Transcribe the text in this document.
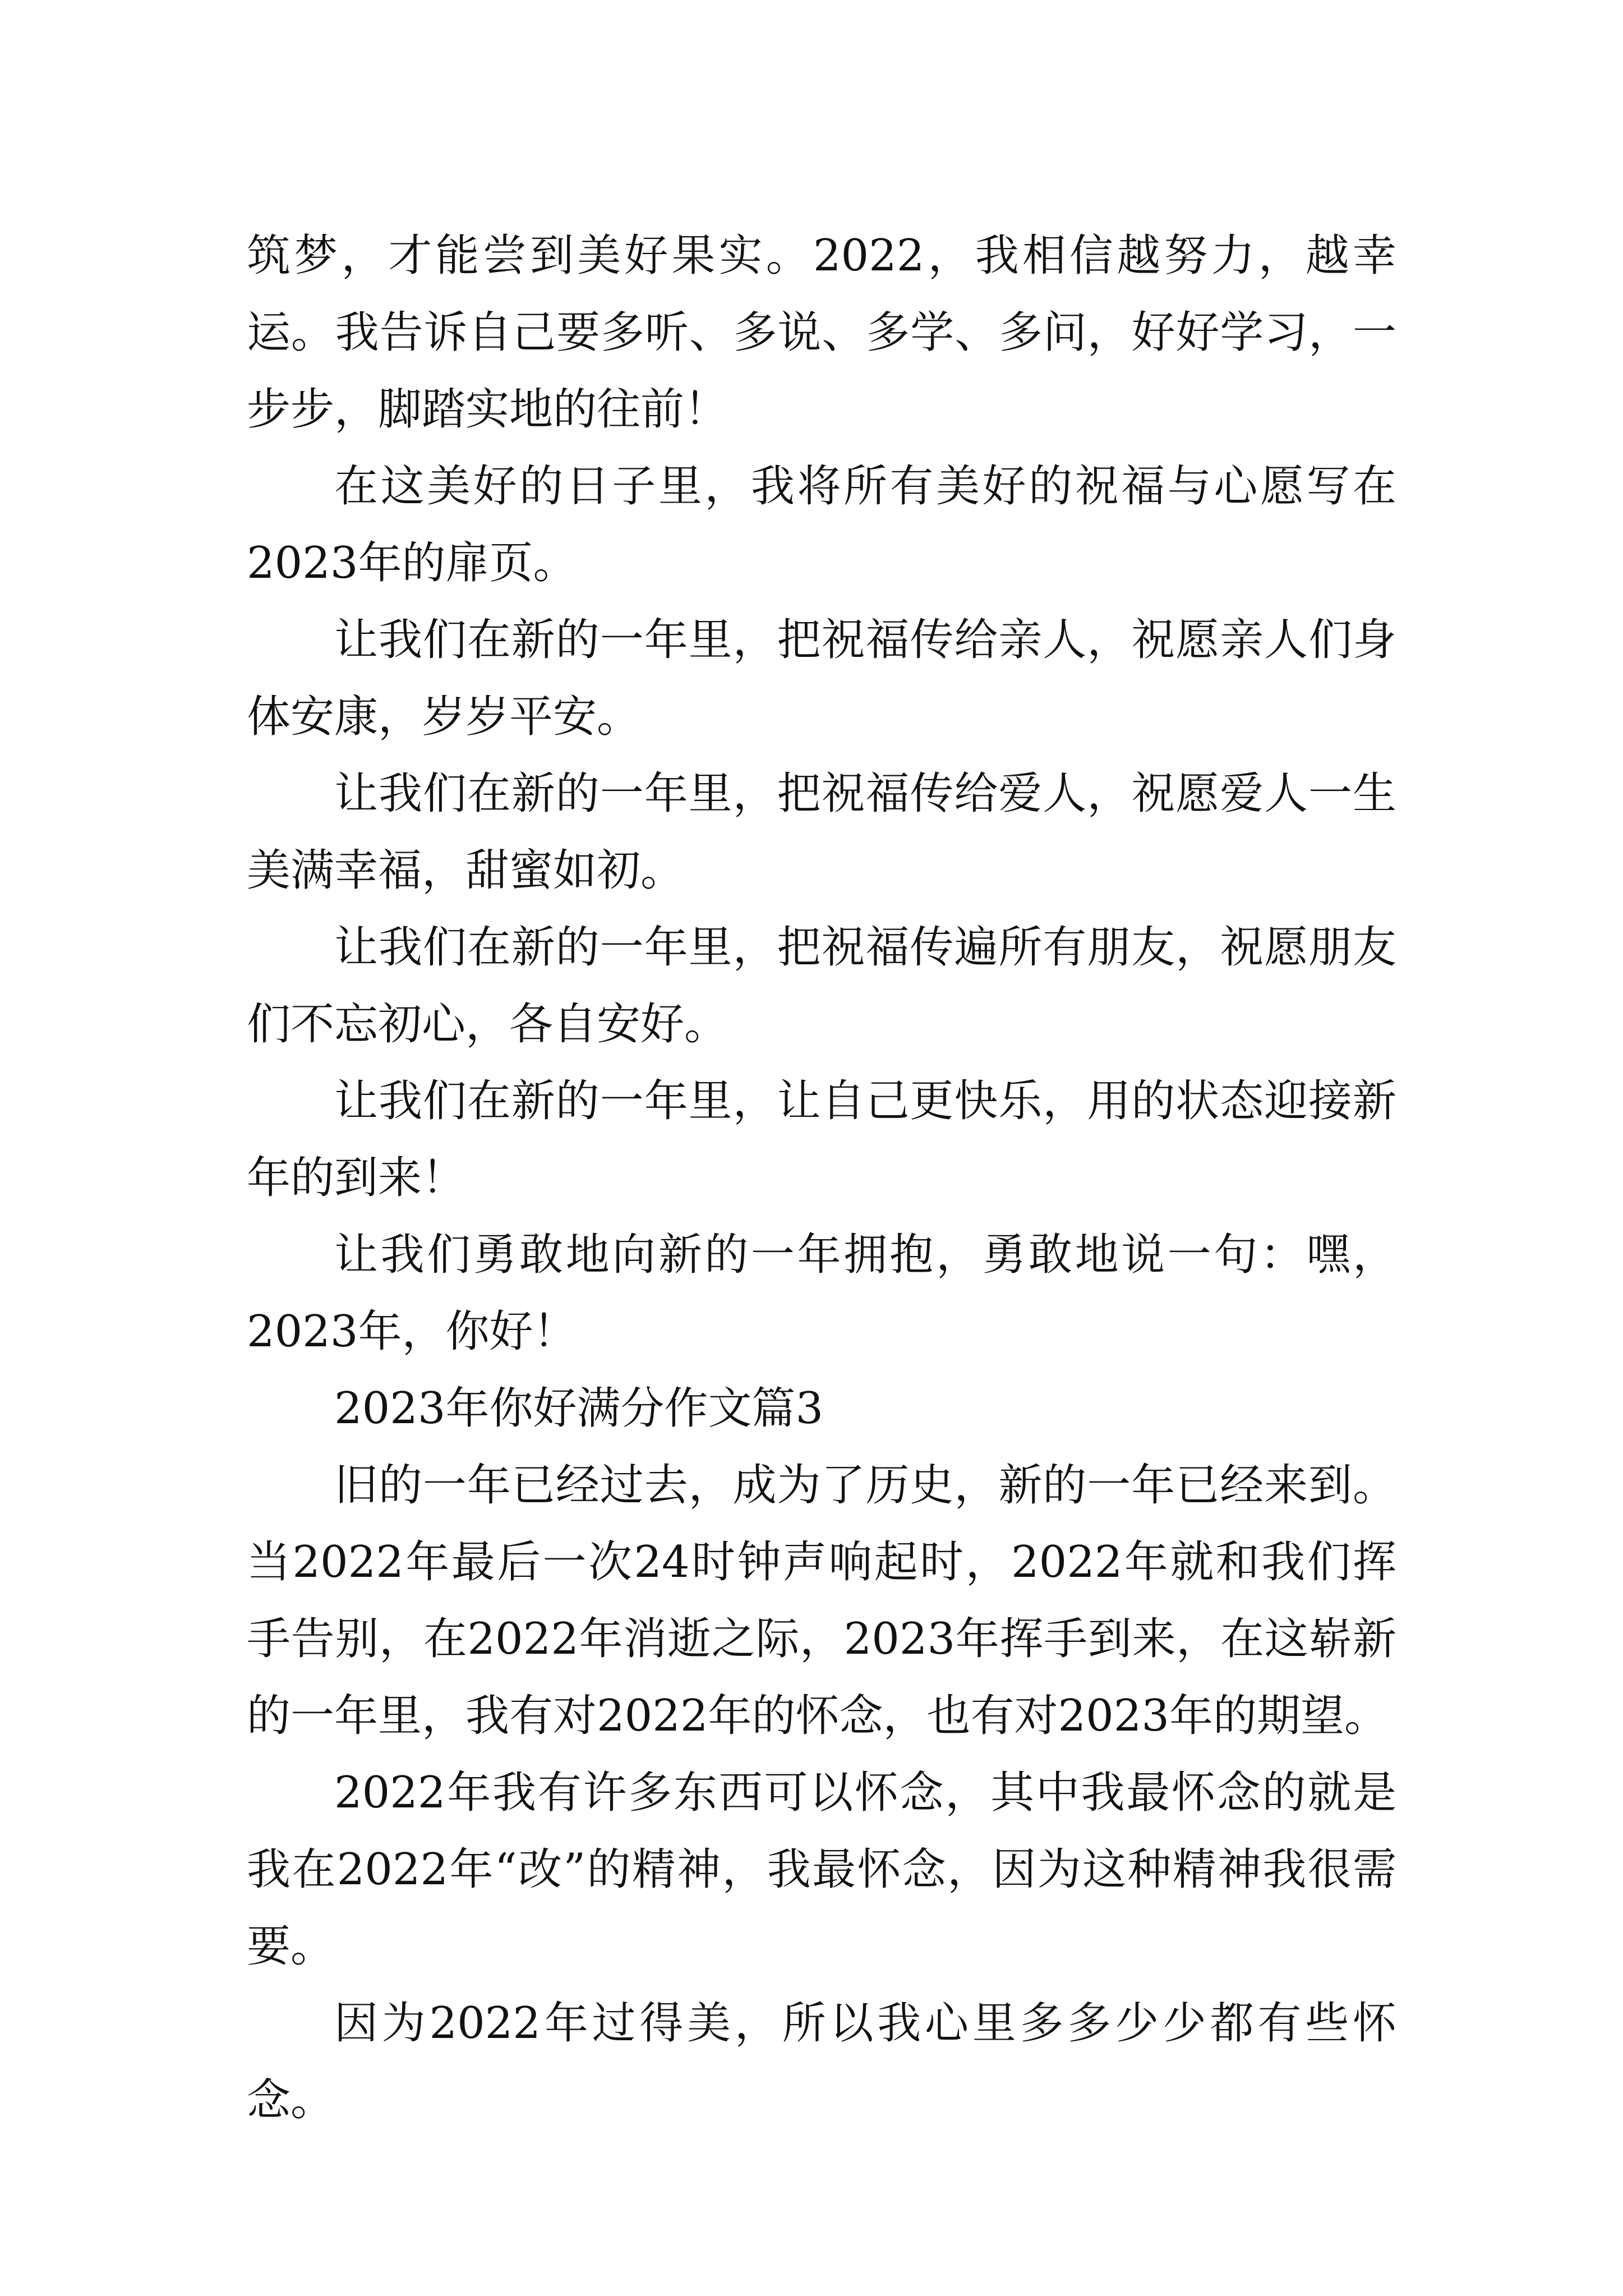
筑梦，才能尝到美好果实。2022，我相信越努力，越幸运。我告诉自己要多听、多说、多学、多问，好好学习，一步步，脚踏实地的往前！

在这美好的日子里，我将所有美好的祝福与心愿写在2023年的扉页。

让我们在新的一年里，把祝福传给亲人，祝愿亲人们身体安康，岁岁平安。

让我们在新的一年里，把祝福传给爱人，祝愿爱人一生美满幸福，甜蜜如初。

让我们在新的一年里，把祝福传遍所有朋友，祝愿朋友们不忘初心，各自安好。

让我们在新的一年里，让自己更快乐，用的状态迎接新年的到来！

让我们勇敢地向新的一年拥抱，勇敢地说一句：嘿，2023年，你好！

2023年你好满分作文篇3

旧的一年已经过去，成为了历史，新的一年已经来到。当2022年最后一次24时钟声响起时，2022年就和我们挥手告别，在2022年消逝之际，2023年挥手到来，在这崭新的一年里，我有对2022年的怀念，也有对2023年的期望。

2022年我有许多东西可以怀念，其中我最怀念的就是我在2022年“改”的精神，我最怀念，因为这种精神我很需要。

因为2022年过得美，所以我心里多多少少都有些怀念。
